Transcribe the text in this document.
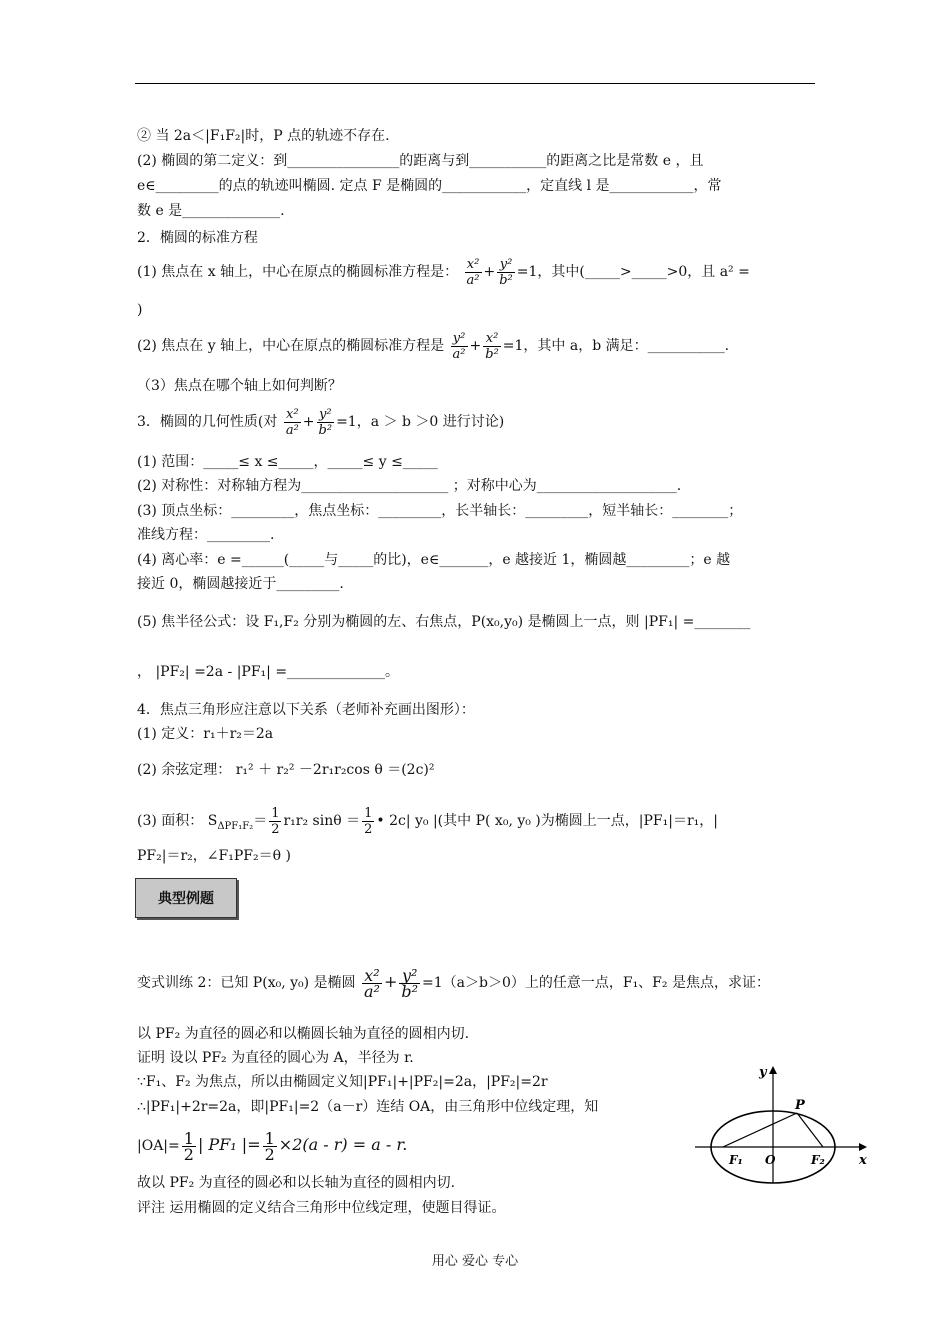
② 当 2a＜|F₁F₂|时，P 点的轨迹不存在.
(2) 椭圆的第二定义：到________________的距离与到___________的距离之比是常数 e ，且
e∈_________的点的轨迹叫椭圆. 定点 F 是椭圆的____________，定直线 l 是____________，常
数 e 是______________.
2．椭圆的标准方程
(1) 焦点在 x 轴上，中心在原点的椭圆标准方程是： $\frac{\text{x²}}{\text{a²}} + \frac{\text{y²}}{\text{b²}} =1$，其中(_____>_____>0，且 a² =
)
(2) 焦点在 y 轴上，中心在原点的椭圆标准方程是 $\frac{\text{y²}}{\text{a²}} + \frac{\text{x²}}{\text{b²}} =1$，其中 a，b 满足：___________.
（3）焦点在哪个轴上如何判断？
3．椭圆的几何性质(对 $\frac{\text{x²}}{\text{a²}} + \frac{\text{y²}}{\text{b²}} =1$，a ＞ b ＞0 进行讨论)
(1) 范围：_____≤ x ≤_____，_____≤ y ≤_____
(2) 对称性：对称轴方程为_____________________ ；对称中心为____________________.
(3) 顶点坐标：_________，焦点坐标：_________，长半轴长：_________，短半轴长：________；
准线方程：_________.
(4) 离心率：e =______(_____与_____的比)，e∈_______，e 越接近 1，椭圆越_________；e 越
接近 0，椭圆越接近于_________.
(5) 焦半径公式：设 F₁,F₂ 分别为椭圆的左、右焦点，P(x₀,y₀) 是椭圆上一点，则 |PF₁| =________
， |PF₂| =2a - |PF₁| =______________。
4．焦点三角形应注意以下关系（老师补充画出图形）：
(1) 定义：r₁＋r₂＝2a
(2) 余弦定理： r₁² ＋ r₂² －2r₁r₂cos θ ＝(2c)²
(3) 面积： $S_{\Delta PF_1F_2}= \frac{1}{2} r_1r_2$ $\sin\theta = \frac{1}{2}$ • 2c| y₀ |(其中 P( x₀, y₀ )为椭圆上一点，|PF₁|＝r₁，|
PF₂|＝r₂，∠F₁PF₂＝θ )
典型例题
变式训练 2：已知 P(x₀, y₀) 是椭圆 $\frac{\text{x²}}{\text{a²}} + \frac{\text{y²}}{\text{b²}} =1(a>b>0)$上的任意一点，F₁、F₂ 是焦点，求证：
以 PF₂ 为直径的圆必和以椭圆长轴为直径的圆相内切.
证明 设以 PF₂ 为直径的圆心为 A，半径为 r.
∵F₁、F₂ 为焦点，所以由椭圆定义知|PF₁|+|PF₂|=2a，|PF₂|=2r
∴|PF₁|+2r=2a，即|PF₁|=2（a－r）连结 OA，由三角形中位线定理，知
$|OA|= \frac{1}{2}$ | PF₁ |= $\frac{1}{2} \times 2(a - r) = a - r$.
故以 PF₂ 为直径的圆必和以长轴为直径的圆相内切.
评注 运用椭圆的定义结合三角形中位线定理，使题目得证。
y
x
P
F₁ O	F₂
用心 爱心 专心
